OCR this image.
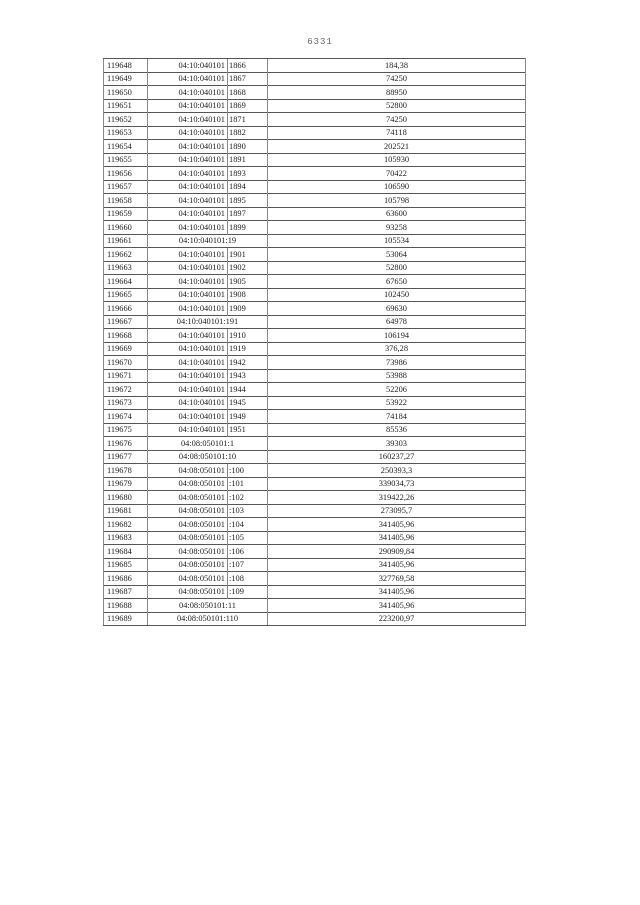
6331
119648	04:10:040101	1866	184,38
119649	04:10:040101	1867	74250
119650	04:10:040101	1868	88950
119651	04:10:040101	1869	52800
119652	04:10:040101	1871	74250
119653	04:10:040101	1882	74118
119654	04:10:040101	1890	202521
119655	04:10:040101	1891	105930
119656	04:10:040101	1893	70422
119657	04:10:040101	1894	106590
119658	04:10:040101	1895	105798
119659	04:10:040101	1897	63600
119660	04:10:040101	1899	93258
119661	04:10:040101:19		105534
119662	04:10:040101	1901	53064
119663	04:10:040101	1902	52800
119664	04:10:040101	1905	67650
119665	04:10:040101	1908	102450
119666	04:10:040101	1909	69630
119667	04:10:040101:191		64978
119668	04:10:040101	1910	106194
119669	04:10:040101	1919	376,28
119670	04:10:040101	1942	73986
119671	04:10:040101	1943	53988
119672	04:10:040101	1944	52206
119673	04:10:040101	1945	53922
119674	04:10:040101	1949	74184
119675	04:10:040101	1951	85536
119676	04:08:050101:1		39303
119677	04:08:050101:10		160237,27
119678	04:08:050101	:100	250393,3
119679	04:08:050101	:101	339034,73
119680	04:08:050101	:102	319422,26
119681	04:08:050101	:103	273095,7
119682	04:08:050101	:104	341405,96
119683	04:08:050101	:105	341405,96
119684	04:08:050101	:106	290909,84
119685	04:08:050101	:107	341405,96
119686	04:08:050101	:108	327769,58
119687	04:08:050101	:109	341405,96
119688	04:08:050101:11		341405,96
119689	04:08:050101:110		223200,97
